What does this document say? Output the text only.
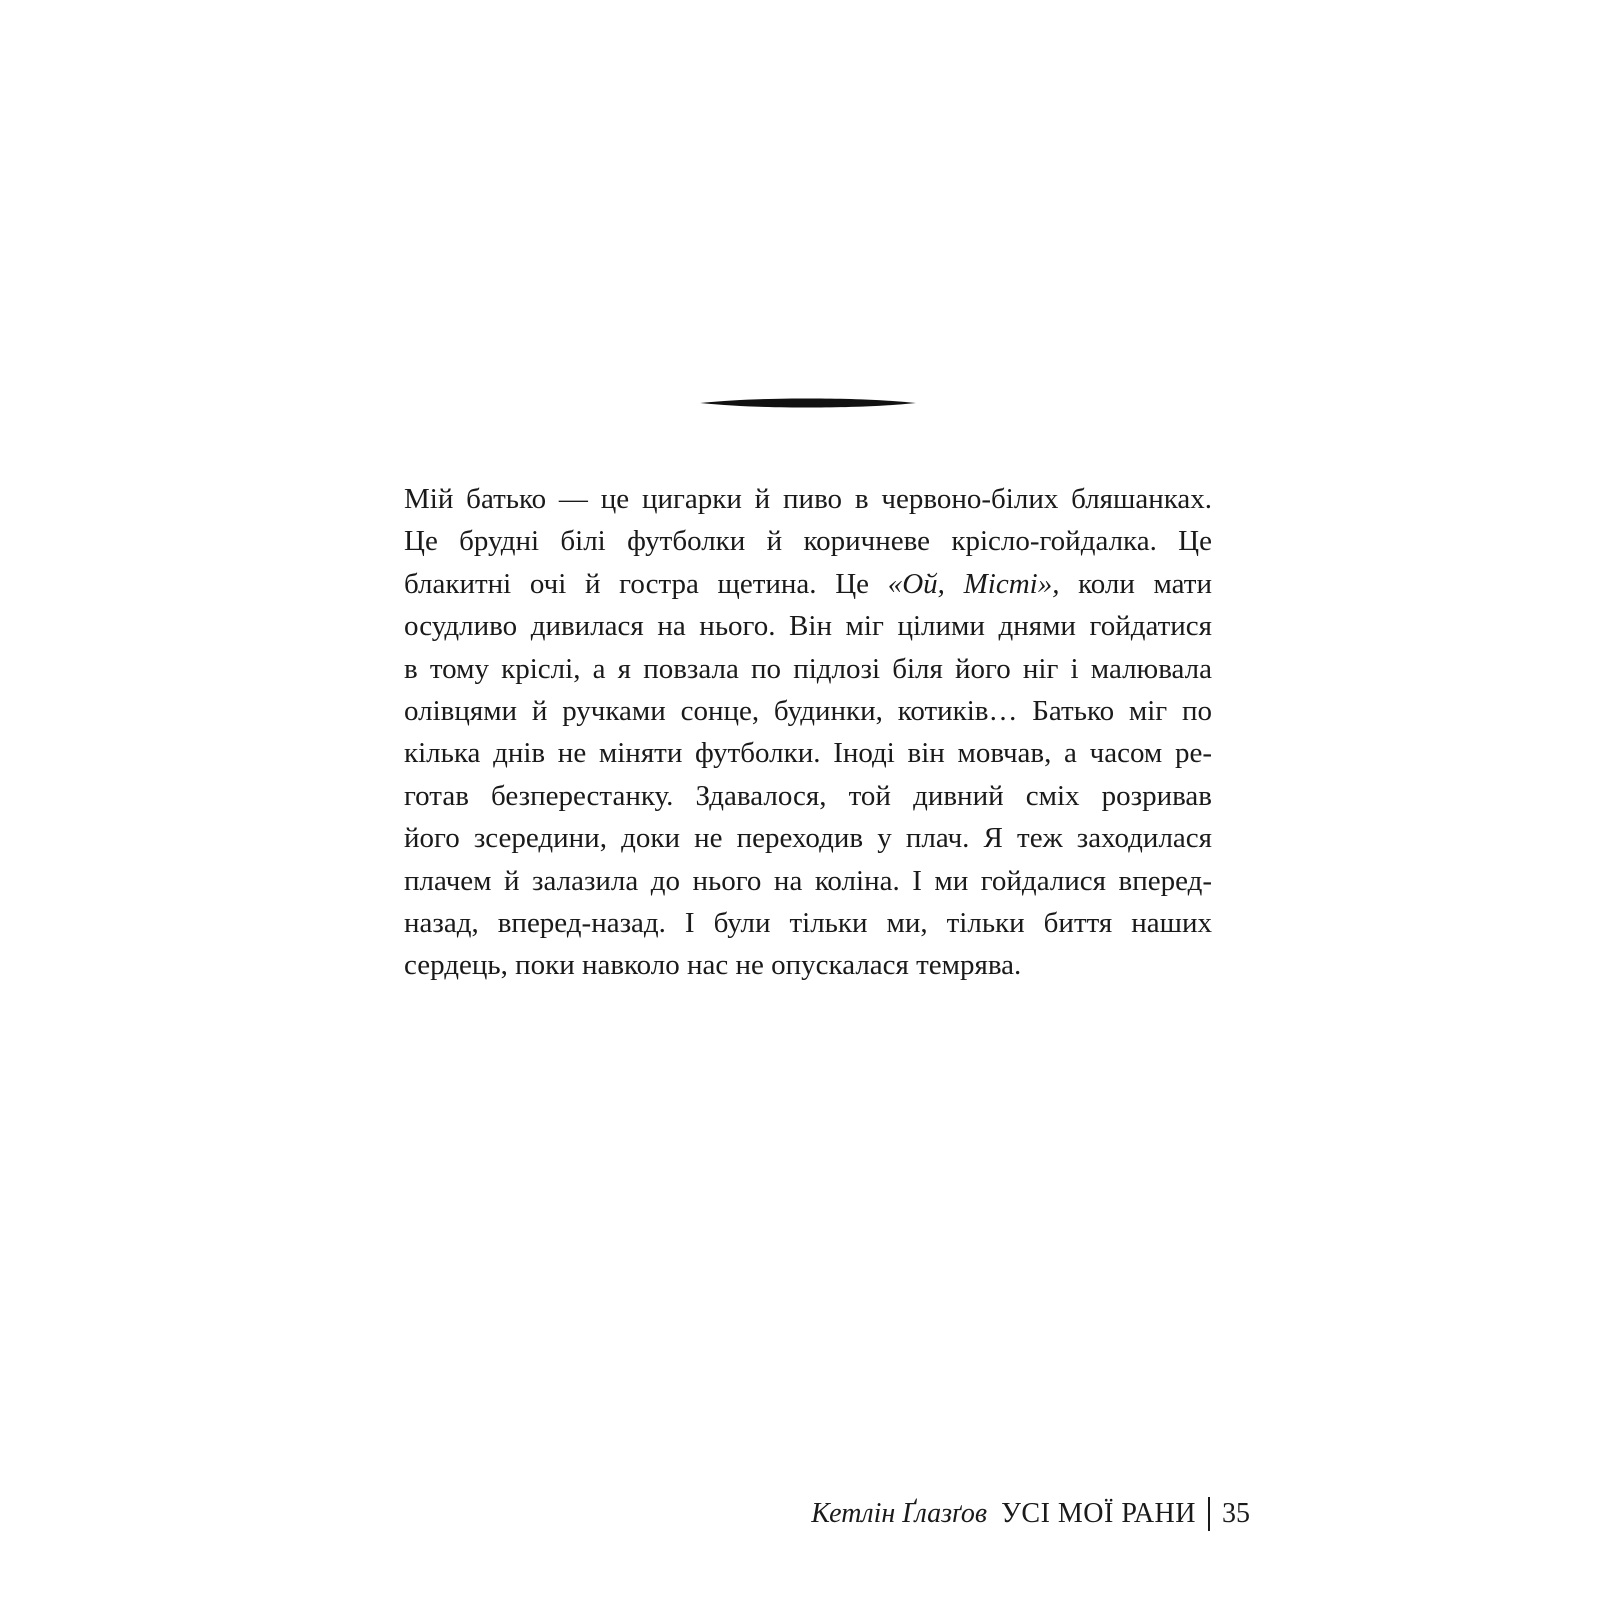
Мій батько — це цигарки й пиво в червоно-білих бляшанках.
Це брудні білі футболки й коричневе крісло-гойдалка. Це
блакитні очі й гостра щетина. Це «Ой, Місті», коли мати
осудливо дивилася на нього. Він міг цілими днями гойдатися
в тому кріслі, а я повзала по підлозі біля його ніг і малювала
олівцями й ручками сонце, будинки, котиків… Батько міг по
кілька днів не міняти футболки. Іноді він мовчав, а часом ре-
готав безперестанку. Здавалося, той дивний сміх розривав
його зсередини, доки не переходив у плач. Я теж заходилася
плачем й залазила до нього на коліна. І ми гойдалися вперед-
назад, вперед-назад. І були тільки ми, тільки биття наших
сердець, поки навколо нас не опускалася темрява.
Кетлін Ґлазґов УСІ МОЇ РАНИ 35
